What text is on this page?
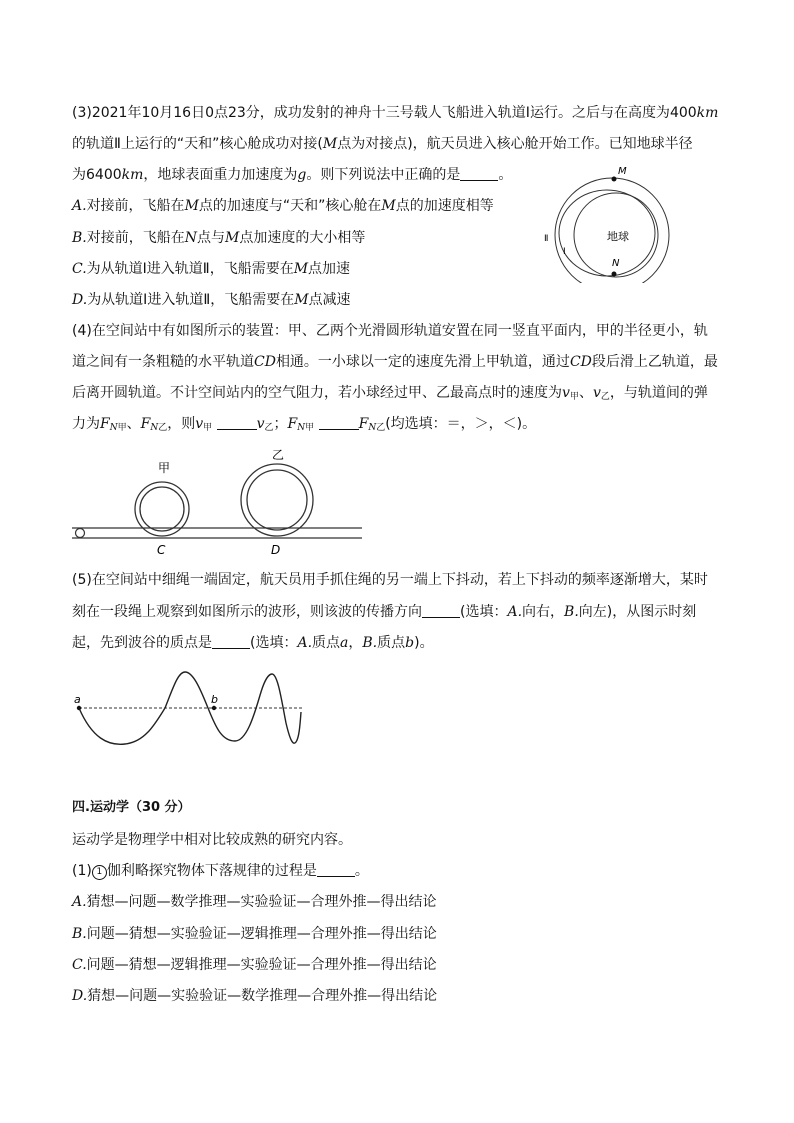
(3)2021年10月16日0点23分，成功发射的神舟十三号载人飞船进入轨道Ⅰ运行。之后与在高度为400km
的轨道Ⅱ上运行的“天和”核心舱成功对接(M点为对接点)，航天员进入核心舱开始工作。已知地球半径
为6400km，地球表面重力加速度为g。则下列说法中正确的是	。
A.对接前，飞船在M点的加速度与“天和”核心舱在M点的加速度相等
B.对接前，飞船在N点与M点加速度的大小相等
C.为从轨道Ⅰ进入轨道Ⅱ，飞船需要在M点加速
D.为从轨道Ⅰ进入轨道Ⅱ，飞船需要在M点减速
M
N
地球
Ⅱ
Ⅰ
(4)在空间站中有如图所示的装置：甲、乙两个光滑圆形轨道安置在同一竖直平面内，甲的半径更小，轨
道之间有一条粗糙的水平轨道CD相通。一小球以一定的速度先滑上甲轨道，通过CD段后滑上乙轨道，最
后离开圆轨道。不计空间站内的空气阻力，若小球经过甲、乙最高点时的速度为$v_甲$、$v_乙$，与轨道间的弹
力为$F_{N甲}$、$F_{N乙}$，则$v_甲$	$v_乙$；$F_{N甲}$	$F_{N乙}$(均选填：＝，＞，＜)。
甲
乙
C	D
(5)在空间站中细绳一端固定，航天员用手抓住绳的另一端上下抖动，若上下抖动的频率逐渐增大，某时
刻在一段绳上观察到如图所示的波形，则该波的传播方向	(选填：A.向右，B.向左)，从图示时刻
起，先到波谷的质点是	(选填：A.质点a，B.质点b)。
a	b
四.运动学（30 分）
运动学是物理学中相对比较成熟的研究内容。
(1) 1 伽利略探究物体下落规律的过程是	。
A.猜想—问题—数学推理—实验验证—合理外推—得出结论
B.问题—猜想—实验验证—逻辑推理—合理外推—得出结论
C.问题—猜想—逻辑推理—实验验证—合理外推—得出结论
D.猜想—问题—实验验证—数学推理—合理外推—得出结论
